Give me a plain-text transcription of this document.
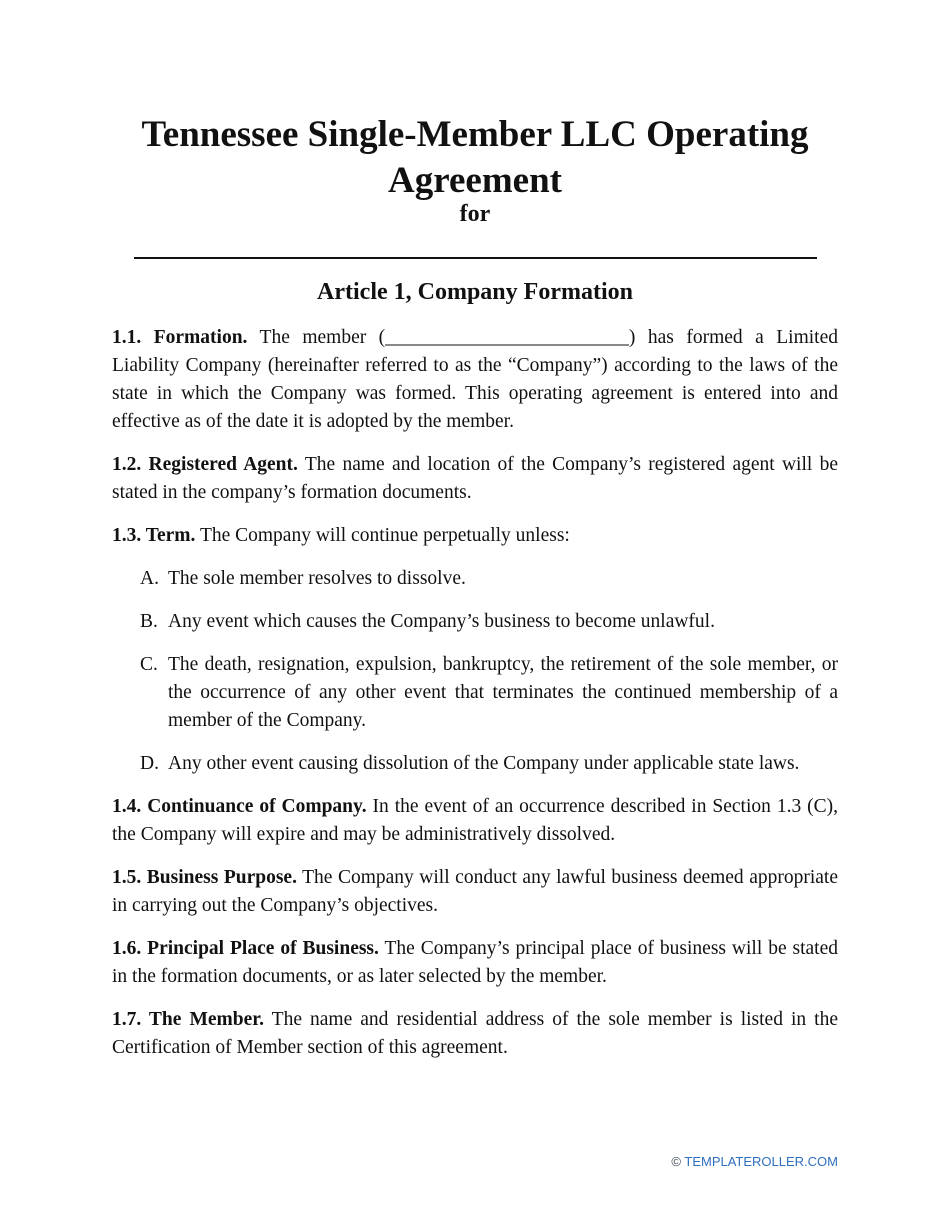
Tennessee Single-Member LLC Operating Agreement
for
Article 1, Company Formation

1.1. Formation. The member (_________________________) has formed a Limited Liability Company (hereinafter referred to as the “Company”) according to the laws of the state in which the Company was formed. This operating agreement is entered into and effective as of the date it is adopted by the member.

1.2. Registered Agent. The name and location of the Company’s registered agent will be stated in the company’s formation documents.

1.3. Term. The Company will continue perpetually unless:

A. The sole member resolves to dissolve.
B. Any event which causes the Company’s business to become unlawful.
C. The death, resignation, expulsion, bankruptcy, the retirement of the sole member, or the occurrence of any other event that terminates the continued membership of a member of the Company.
D. Any other event causing dissolution of the Company under applicable state laws.

1.4. Continuance of Company. In the event of an occurrence described in Section 1.3 (C), the Company will expire and may be administratively dissolved.

1.5. Business Purpose. The Company will conduct any lawful business deemed appropriate in carrying out the Company’s objectives.

1.6. Principal Place of Business. The Company’s principal place of business will be stated in the formation documents, or as later selected by the member.

1.7. The Member. The name and residential address of the sole member is listed in the Certification of Member section of this agreement.

© TEMPLATEROLLER.COM
